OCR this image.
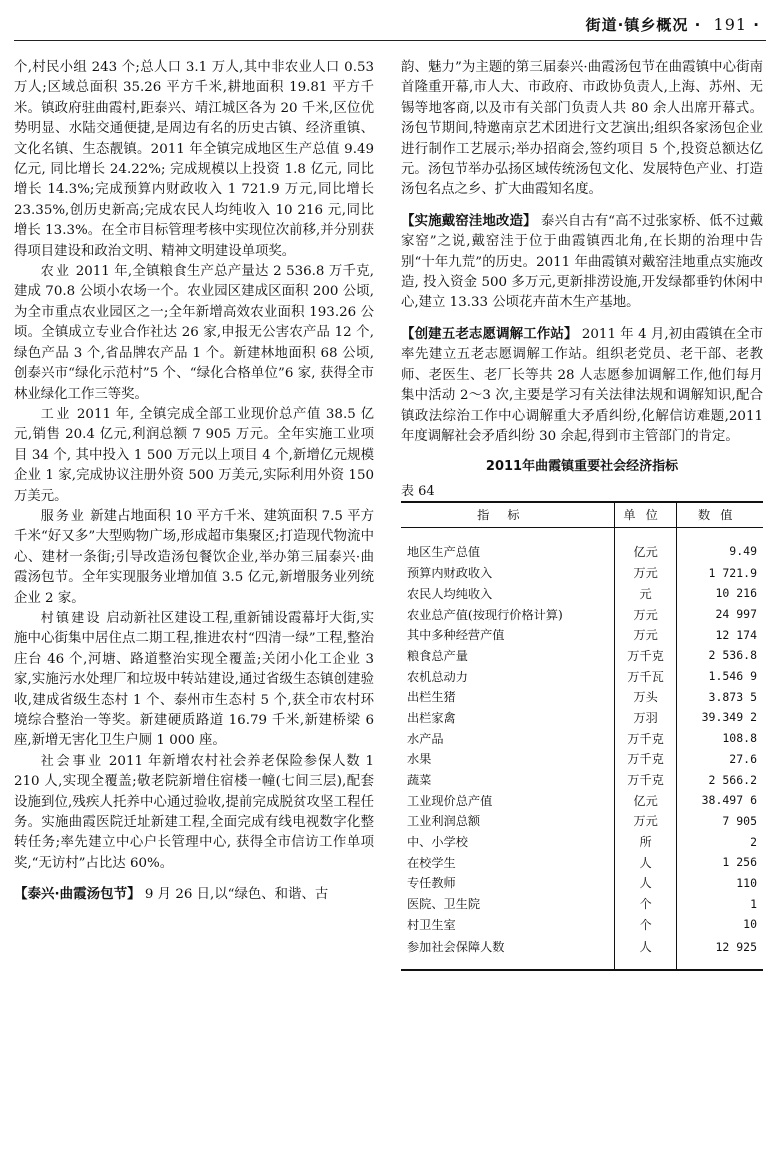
街道·镇乡概况 · 191 ·

个,村民小组 243 个;总人口 3.1 万人,其中非农业人口 0.53 万人;区域总面积 35.26 平方千米,耕地面积 19.81 平方千米。镇政府驻曲霞村,距泰兴、靖江城区各为 20 千米,区位优势明显、水陆交通便捷,是周边有名的历史古镇、经济重镇、文化名镇、生态靓镇。2011 年全镇完成地区生产总值 9.49 亿元, 同比增长 24.22%; 完成规模以上投资 1.8 亿元, 同比增长 14.3%;完成预算内财政收入 1 721.9 万元,同比增长 23.35%,创历史新高;完成农民人均纯收入 10 216 元,同比增长 13.3%。在全市目标管理考核中实现位次前移,并分别获得项目建设和政治文明、精神文明建设单项奖。

农业 2011 年,全镇粮食生产总产量达 2 536.8 万千克,建成 70.8 公顷小农场一个。农业园区建成区面积 200 公顷,为全市重点农业园区之一;全年新增高效农业面积 193.26 公顷。全镇成立专业合作社达 26 家,申报无公害农产品 12 个,绿色产品 3 个,省品牌农产品 1 个。新建林地面积 68 公顷,创泰兴市“绿化示范村”5 个、“绿化合格单位”6 家, 获得全市林业绿化工作三等奖。

工业 2011 年, 全镇完成全部工业现价总产值 38.5 亿元,销售 20.4 亿元,利润总额 7 905 万元。全年实施工业项目 34 个, 其中投入 1 500 万元以上项目 4 个,新增亿元规模企业 1 家,完成协议注册外资 500 万美元,实际利用外资 150 万美元。

服务业 新建占地面积 10 平方千米、建筑面积 7.5 平方千米“好又多”大型购物广场,形成超市集聚区;打造现代物流中心、建材一条街;引导改造汤包餐饮企业,举办第三届泰兴·曲霞汤包节。全年实现服务业增加值 3.5 亿元,新增服务业列统企业 2 家。

村镇建设 启动新社区建设工程,重新铺设霞幕圩大街,实施中心街集中居住点二期工程,推进农村“四清一绿”工程,整治庄台 46 个,河塘、路道整治实现全覆盖;关闭小化工企业 3 家,实施污水处理厂和垃圾中转站建设,通过省级生态镇创建验收,建成省级生态村 1 个、泰州市生态村 5 个,获全市农村环境综合整治一等奖。新建硬质路道 16.79 千米,新建桥梁 6 座,新增无害化卫生户厕 1 000 座。

社会事业 2011 年新增农村社会养老保险参保人数 1 210 人,实现全覆盖;敬老院新增住宿楼一幢(七间三层),配套设施到位,残疾人托养中心通过验收,提前完成脱贫攻坚工程任务。实施曲霞医院迁址新建工程,全面完成有线电视数字化整转任务;率先建立中心户长管理中心, 获得全市信访工作单项奖,“无访村”占比达 60%。

【泰兴·曲霞汤包节】 9 月 26 日,以“绿色、和谐、古

韵、魅力”为主题的第三届泰兴·曲霞汤包节在曲霞镇中心街南首隆重开幕,市人大、市政府、市政协负责人,上海、苏州、无锡等地客商,以及市有关部门负责人共 80 余人出席开幕式。汤包节期间,特邀南京艺术团进行文艺演出;组织各家汤包企业进行制作工艺展示;举办招商会,签约项目 5 个,投资总额达亿元。汤包节举办弘扬区域传统汤包文化、发展特色产业、打造汤包名点之乡、扩大曲霞知名度。

【实施戴窑洼地改造】 泰兴自古有“高不过张家桥、低不过戴家窑”之说,戴窑洼于位于曲霞镇西北角,在长期的治理中告别“十年九荒”的历史。2011 年曲霞镇对戴窑洼地重点实施改造, 投入资金 500 多万元,更新排涝设施,开发绿都垂钓休闲中心,建立 13.33 公顷花卉苗木生产基地。

【创建五老志愿调解工作站】 2011 年 4 月,初由霞镇在全市率先建立五老志愿调解工作站。组织老党员、老干部、老教师、老医生、老厂长等共 28 人志愿参加调解工作,他们每月集中活动 2～3 次,主要是学习有关法律法规和调解知识,配合镇政法综治工作中心调解重大矛盾纠纷,化解信访难题,2011 年度调解社会矛盾纠纷 30 余起,得到市主管部门的肯定。

2011年曲霞镇重要社会经济指标
表 64
指标	单位	数值
地区生产总值	亿元	9.49
预算内财政收入	万元	1 721.9
农民人均纯收入	元	10 216
农业总产值(按现行价格计算)	万元	24 997
其中多种经营产值	万元	12 174
粮食总产量	万千克	2 536.8
农机总动力	万千瓦	1.546 9
出栏生猪	万头	3.873 5
出栏家禽	万羽	39.349 2
水产品	万千克	108.8
水果	万千克	27.6
蔬菜	万千克	2 566.2
工业现价总产值	亿元	38.497 6
工业利润总额	万元	7 905
中、小学校	所	2
在校学生	人	1 256
专任教师	人	110
医院、卫生院	个	1
村卫生室	个	10
参加社会保障人数	人	12 925
